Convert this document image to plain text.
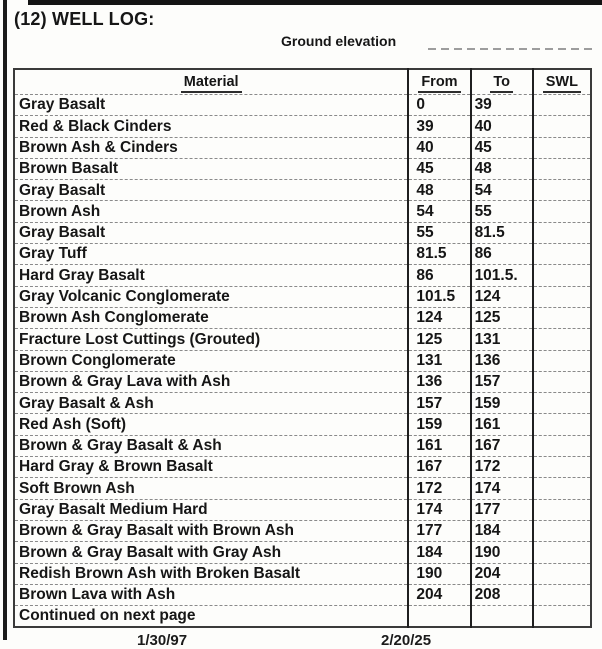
(12) WELL LOG:
Ground elevation
Material	From	To	SWL
Gray Basalt	0	39	
Red & Black Cinders	39	40	
Brown Ash & Cinders	40	45	
Brown Basalt	45	48	
Gray Basalt	48	54	
Brown Ash	54	55	
Gray Basalt	55	81.5	
Gray Tuff	81.5	86	
Hard Gray Basalt	86	101.5.	
Gray Volcanic Conglomerate	101.5	124	
Brown Ash Conglomerate	124	125	
Fracture Lost Cuttings (Grouted)	125	131	
Brown Conglomerate	131	136	
Brown & Gray Lava with Ash	136	157	
Gray Basalt & Ash	157	159	
Red Ash (Soft)	159	161	
Brown & Gray Basalt & Ash	161	167	
Hard Gray & Brown Basalt	167	172	
Soft Brown Ash	172	174	
Gray Basalt Medium Hard	174	177	
Brown & Gray Basalt with Brown Ash	177	184	
Brown & Gray Basalt with Gray Ash	184	190	
Redish Brown Ash with Broken Basalt	190	204	
Brown Lava with Ash	204	208	
Continued on next page			
1/30/97	2/20/25
